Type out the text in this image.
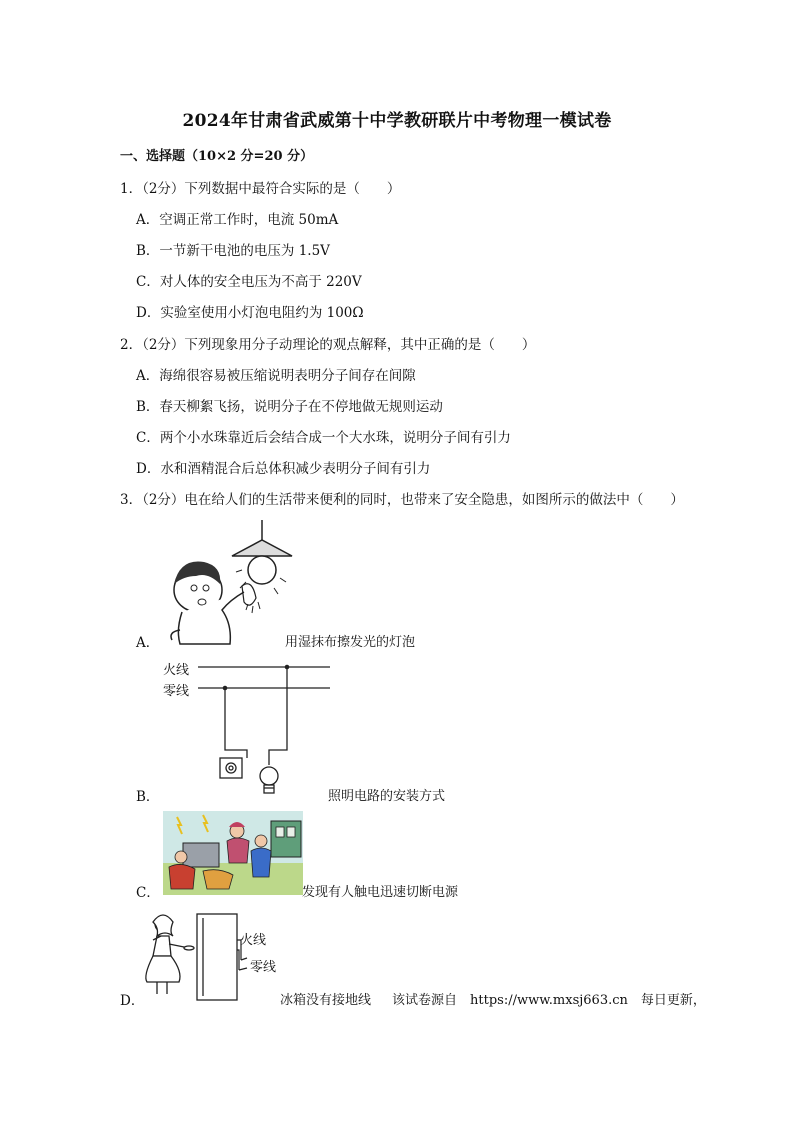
2024年甘肃省武威第十中学教研联片中考物理一模试卷
一、选择题（10×2 分=20 分）
1．（2分）下列数据中最符合实际的是（　　）
A．空调正常工作时，电流 50mA
B．一节新干电池的电压为 1.5V
C．对人体的安全电压为不高于 220V
D．实验室使用小灯泡电阻约为 100Ω
2．（2分）下列现象用分子动理论的观点解释，其中正确的是（　　）
A．海绵很容易被压缩说明表明分子间存在间隙
B．春天柳絮飞扬，说明分子在不停地做无规则运动
C．两个小水珠靠近后会结合成一个大水珠，说明分子间有引力
D．水和酒精混合后总体积减少表明分子间有引力
3．（2分）电在给人们的生活带来便利的同时，也带来了安全隐患，如图所示的做法中（　　）
A．	用湿抹布擦发光的灯泡
火线
零线
B．	照明电路的安装方式
C．	发现有人触电迅速切断电源
火线
零线
D．	冰箱没有接地线 该试卷源自　https://www.mxsj663.cn　每日更新，
